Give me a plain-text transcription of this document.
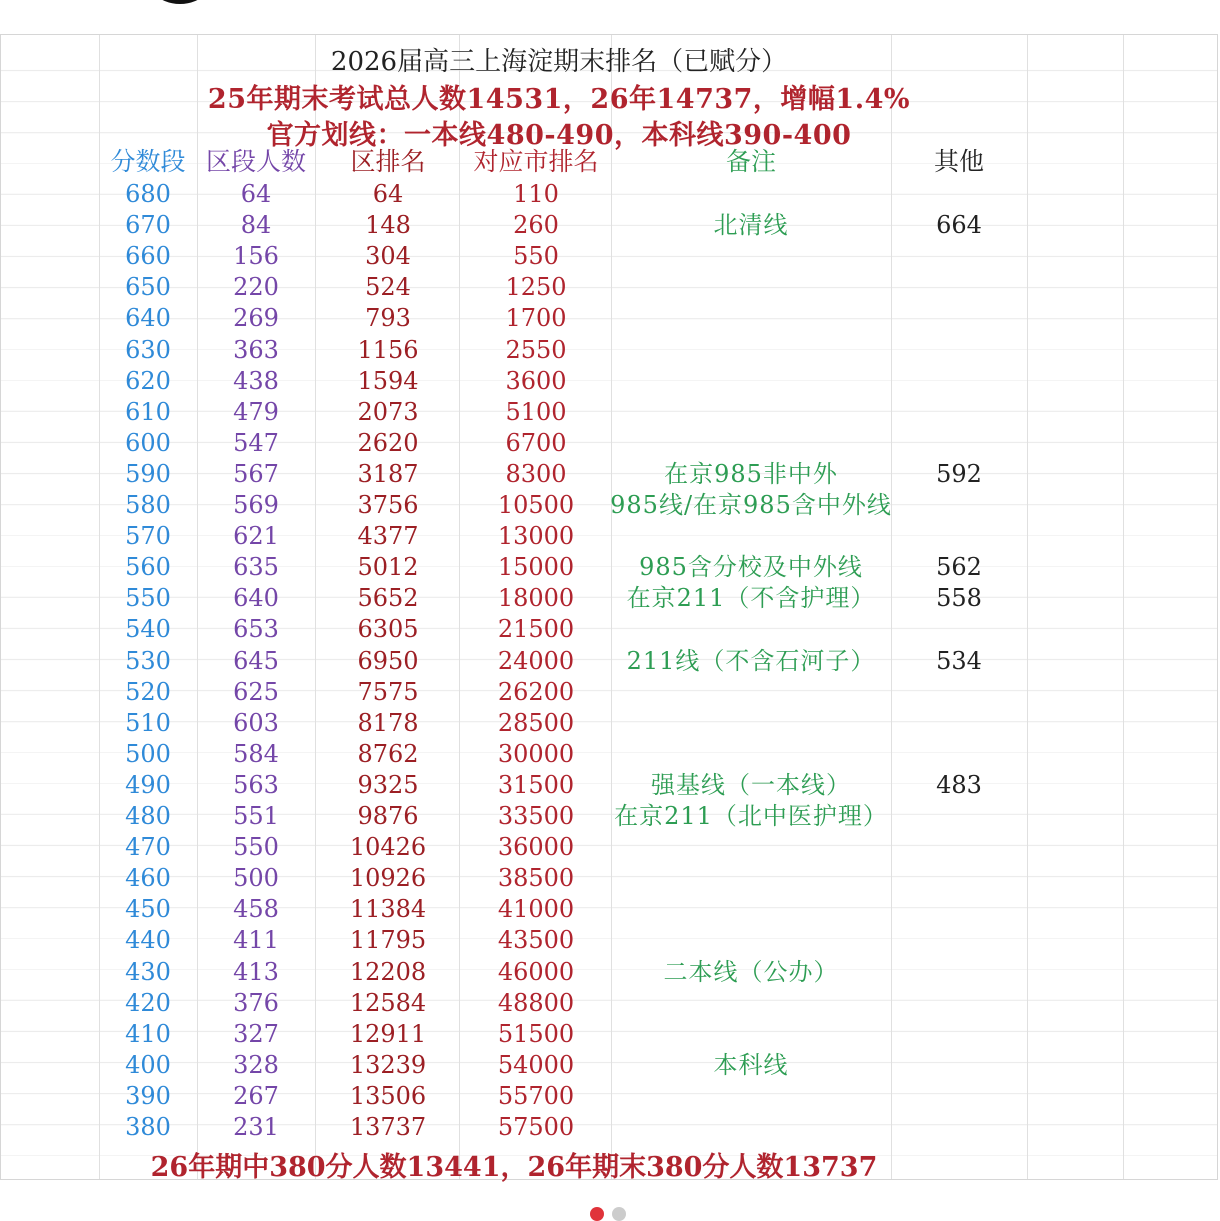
2026届高三上海淀期末排名（已赋分）
25年期末考试总人数14531，26年14737，增幅1.4%
官方划线：一本线480-490，本科线390-400
分数段 区段人数	区排名	对应市排名	备注	其他
680	64	64	110
670	84	148	260	北清线	664
660	156	304	550
650	220	524	1250
640	269	793	1700
630	363	1156	2550
620	438	1594	3600
610	479	2073	5100
600	547	2620	6700
590	567	3187	8300	在京985非中外	592
580	569	3756	10500	985线/在京985含中外线
570	621	4377	13000
560	635	5012	15000	985含分校及中外线	562
550	640	5652	18000	在京211（不含护理）	558
540	653	6305	21500
530	645	6950	24000	211线（不含石河子）	534
520	625	7575	26200
510	603	8178	28500
500	584	8762	30000
490	563	9325	31500	强基线（一本线）	483
480	551	9876	33500	在京211（北中医护理）
470	550	10426	36000
460	500	10926	38500
450	458	11384	41000
440	411	11795	43500
430	413	12208	46000	二本线（公办）
420	376	12584	48800
410	327	12911	51500
400	328	13239	54000	本科线
390	267	13506	55700
380	231	13737	57500
26年期中380分人数13441，26年期末380分人数13737
